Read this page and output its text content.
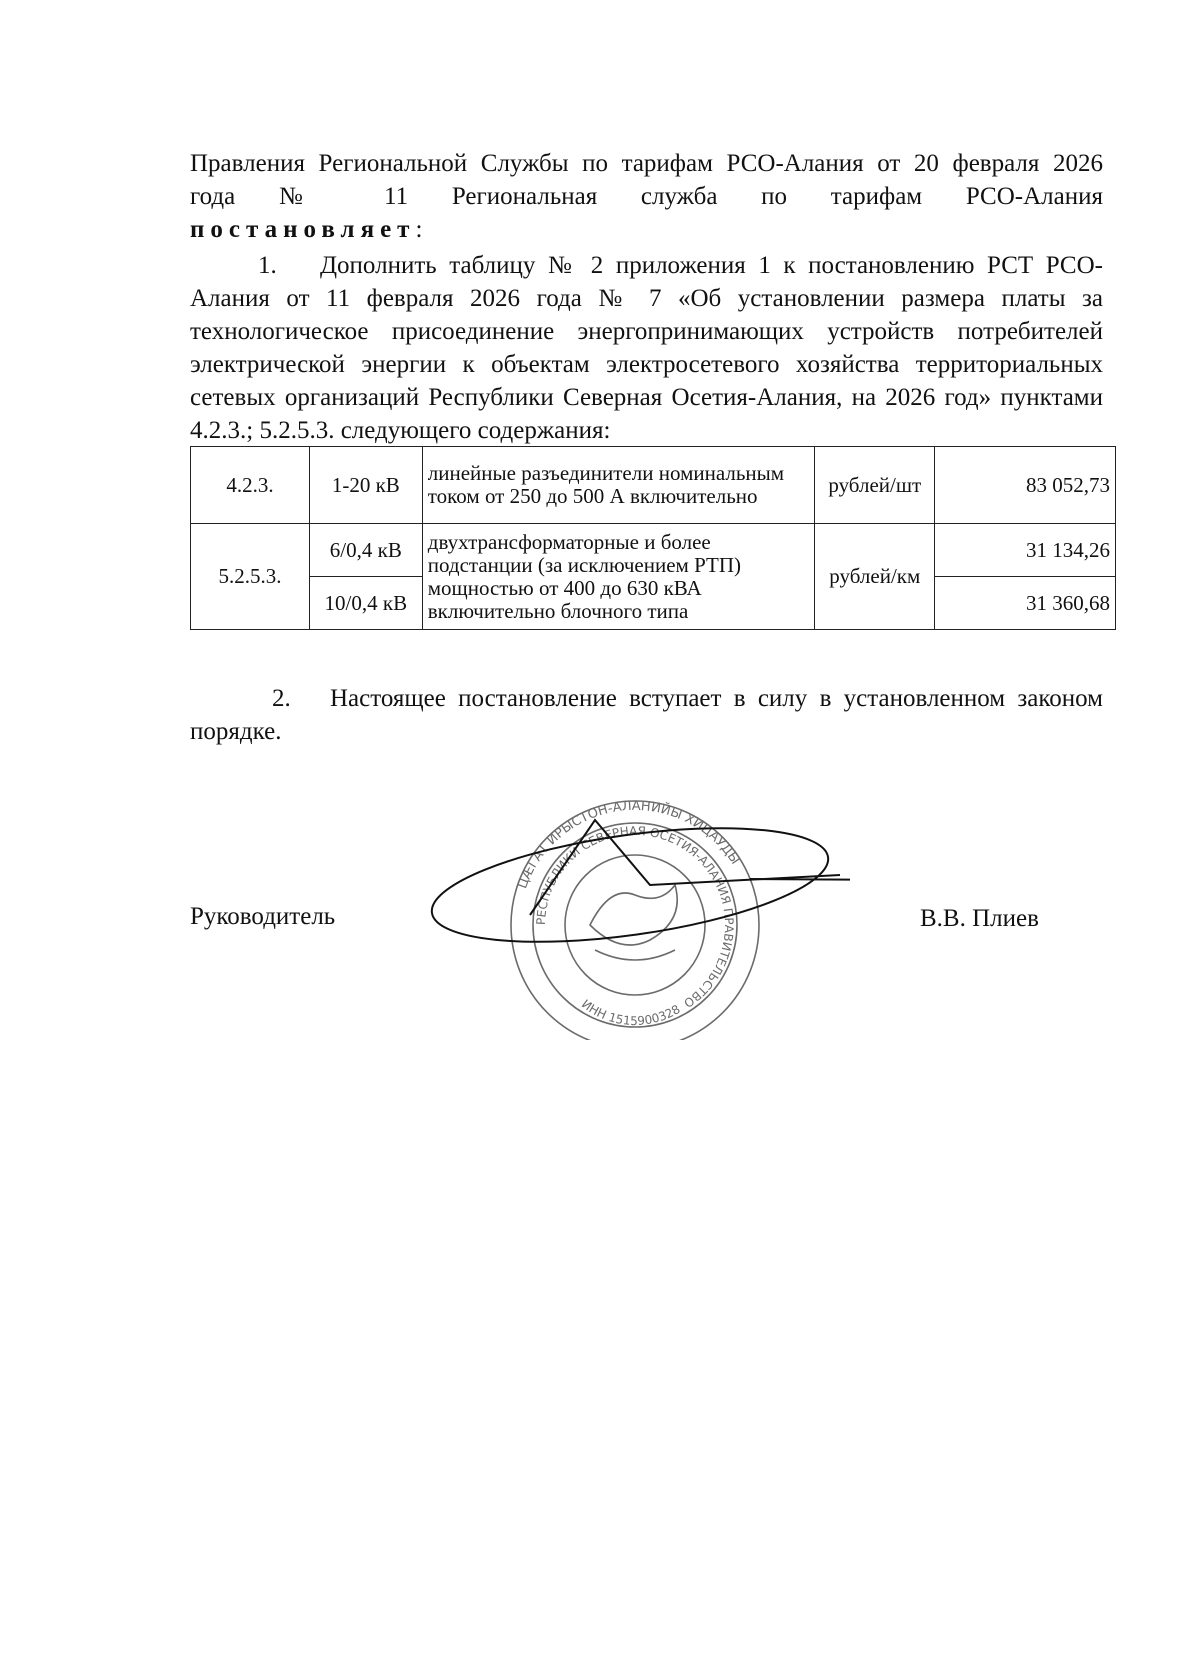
Правления Региональной Службы по тарифам РСО-Алания от 20 февраля 2026
года № 11 Региональная служба по тарифам РСО-Алания
постановляет:
1. Дополнить таблицу № 2 приложения 1 к постановлению РСТ РСО-Алания от 11 февраля 2026 года № 7 «Об установлении размера платы за технологическое присоединение энергопринимающих устройств потребителей электрической энергии к объектам электросетевого хозяйства территориальных сетевых организаций Республики Северная Осетия-Алания, на 2026 год» пунктами 4.2.3.; 5.2.5.3. следующего содержания:
4.2.3.	1-20 кВ	линейные разъединители номинальным током от 250 до 500 А включительно	рублей/шт	83 052,73
5.2.5.3.	6/0,4 кВ	двухтрансформаторные и более подстанции (за исключением РТП) мощностью от 400 до 630 кВА включительно блочного типа	рублей/км	31 134,26
	10/0,4 кВ			31 360,68
2. Настоящее постановление вступает в силу в установленном законом порядке.
Руководитель
ЦÆГАТ ИРЫСТОН-АЛАНИЙЫ ХИЦАУДЫ
РЕСПУБЛИКИ СЕВЕРНАЯ ОСЕТИЯ-АЛАНИЯ ПРАВИТЕЛЬСТВО
ИНН 1515900328
В.В. Плиев
